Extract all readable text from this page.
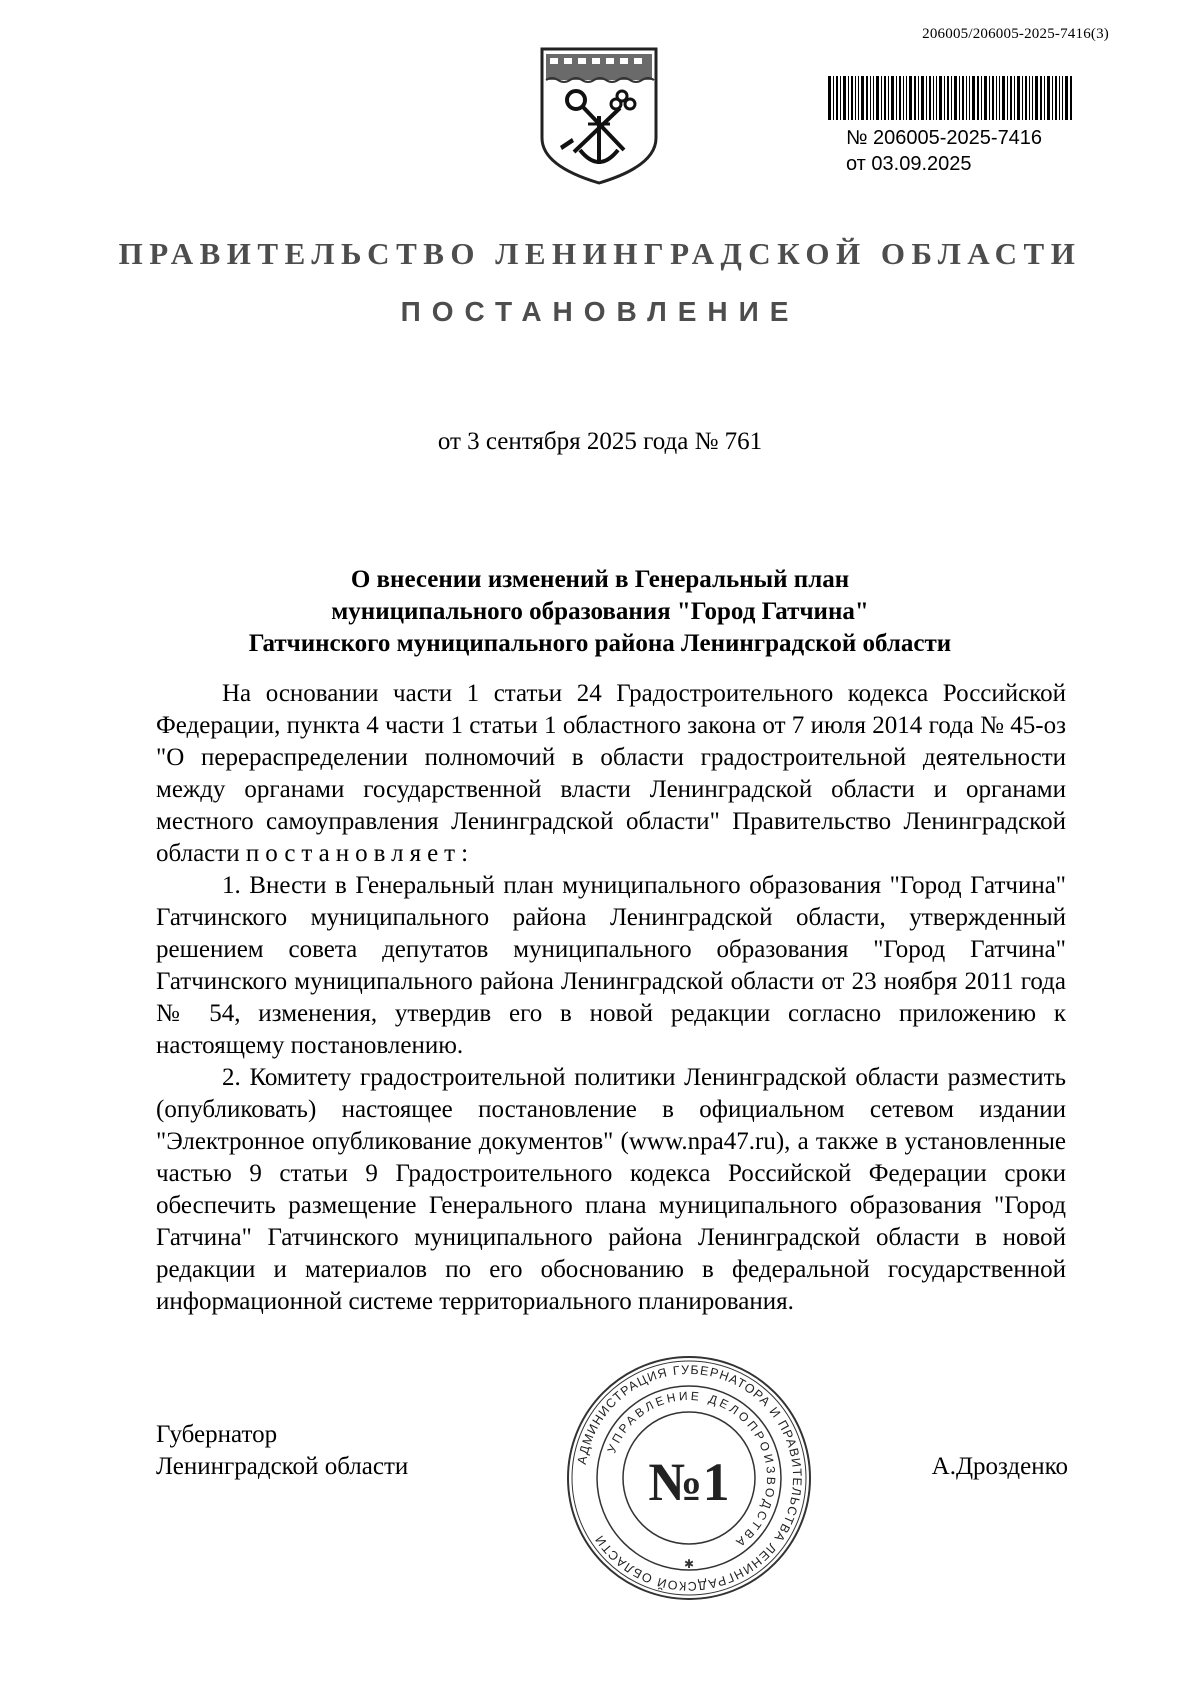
206005/206005-2025-7416(3)
№ 206005-2025-7416
от 03.09.2025
ПРАВИТЕЛЬСТВО ЛЕНИНГРАДСКОЙ ОБЛАСТИ
ПОСТАНОВЛЕНИЕ
от 3 сентября 2025 года № 761
О внесении изменений в Генеральный план
муниципального образования "Город Гатчина"
Гатчинского муниципального района Ленинградской области

На основании части 1 статьи 24 Градостроительного кодекса Российской Федерации, пункта 4 части 1 статьи 1 областного закона от 7 июля 2014 года № 45-оз "О перераспределении полномочий в области градостроительной деятельности между органами государственной власти Ленинградской области и органами местного самоуправления Ленинградской области" Правительство Ленинградской области постановляет:

1. Внести в Генеральный план муниципального образования "Город Гатчина" Гатчинского муниципального района Ленинградской области, утвержденный решением совета депутатов муниципального образования "Город Гатчина" Гатчинского муниципального района Ленинградской области от 23 ноября 2011 года № 54, изменения, утвердив его в новой редакции согласно приложению к настоящему постановлению.

2. Комитету градостроительной политики Ленинградской области разместить (опубликовать) настоящее постановление в официальном сетевом издании "Электронное опубликование документов" (www.npa47.ru), а также в установленные частью 9 статьи 9 Градостроительного кодекса Российской Федерации сроки обеспечить размещение Генерального плана муниципального образования "Город Гатчина" Гатчинского муниципального района Ленинградской области в новой редакции и материалов по его обоснованию в федеральной государственной информационной системе территориального планирования.

Губернатор
Ленинградской области	А.Дрозденко
АДМИНИСТРАЦИЯ ГУБЕРНАТОРА И ПРАВИТЕЛЬСТВА ЛЕНИНГРАДСКОЙ ОБЛАСТИ
УПРАВЛЕНИЕ ДЕЛОПРОИЗВОДСТВА
№1
✱
